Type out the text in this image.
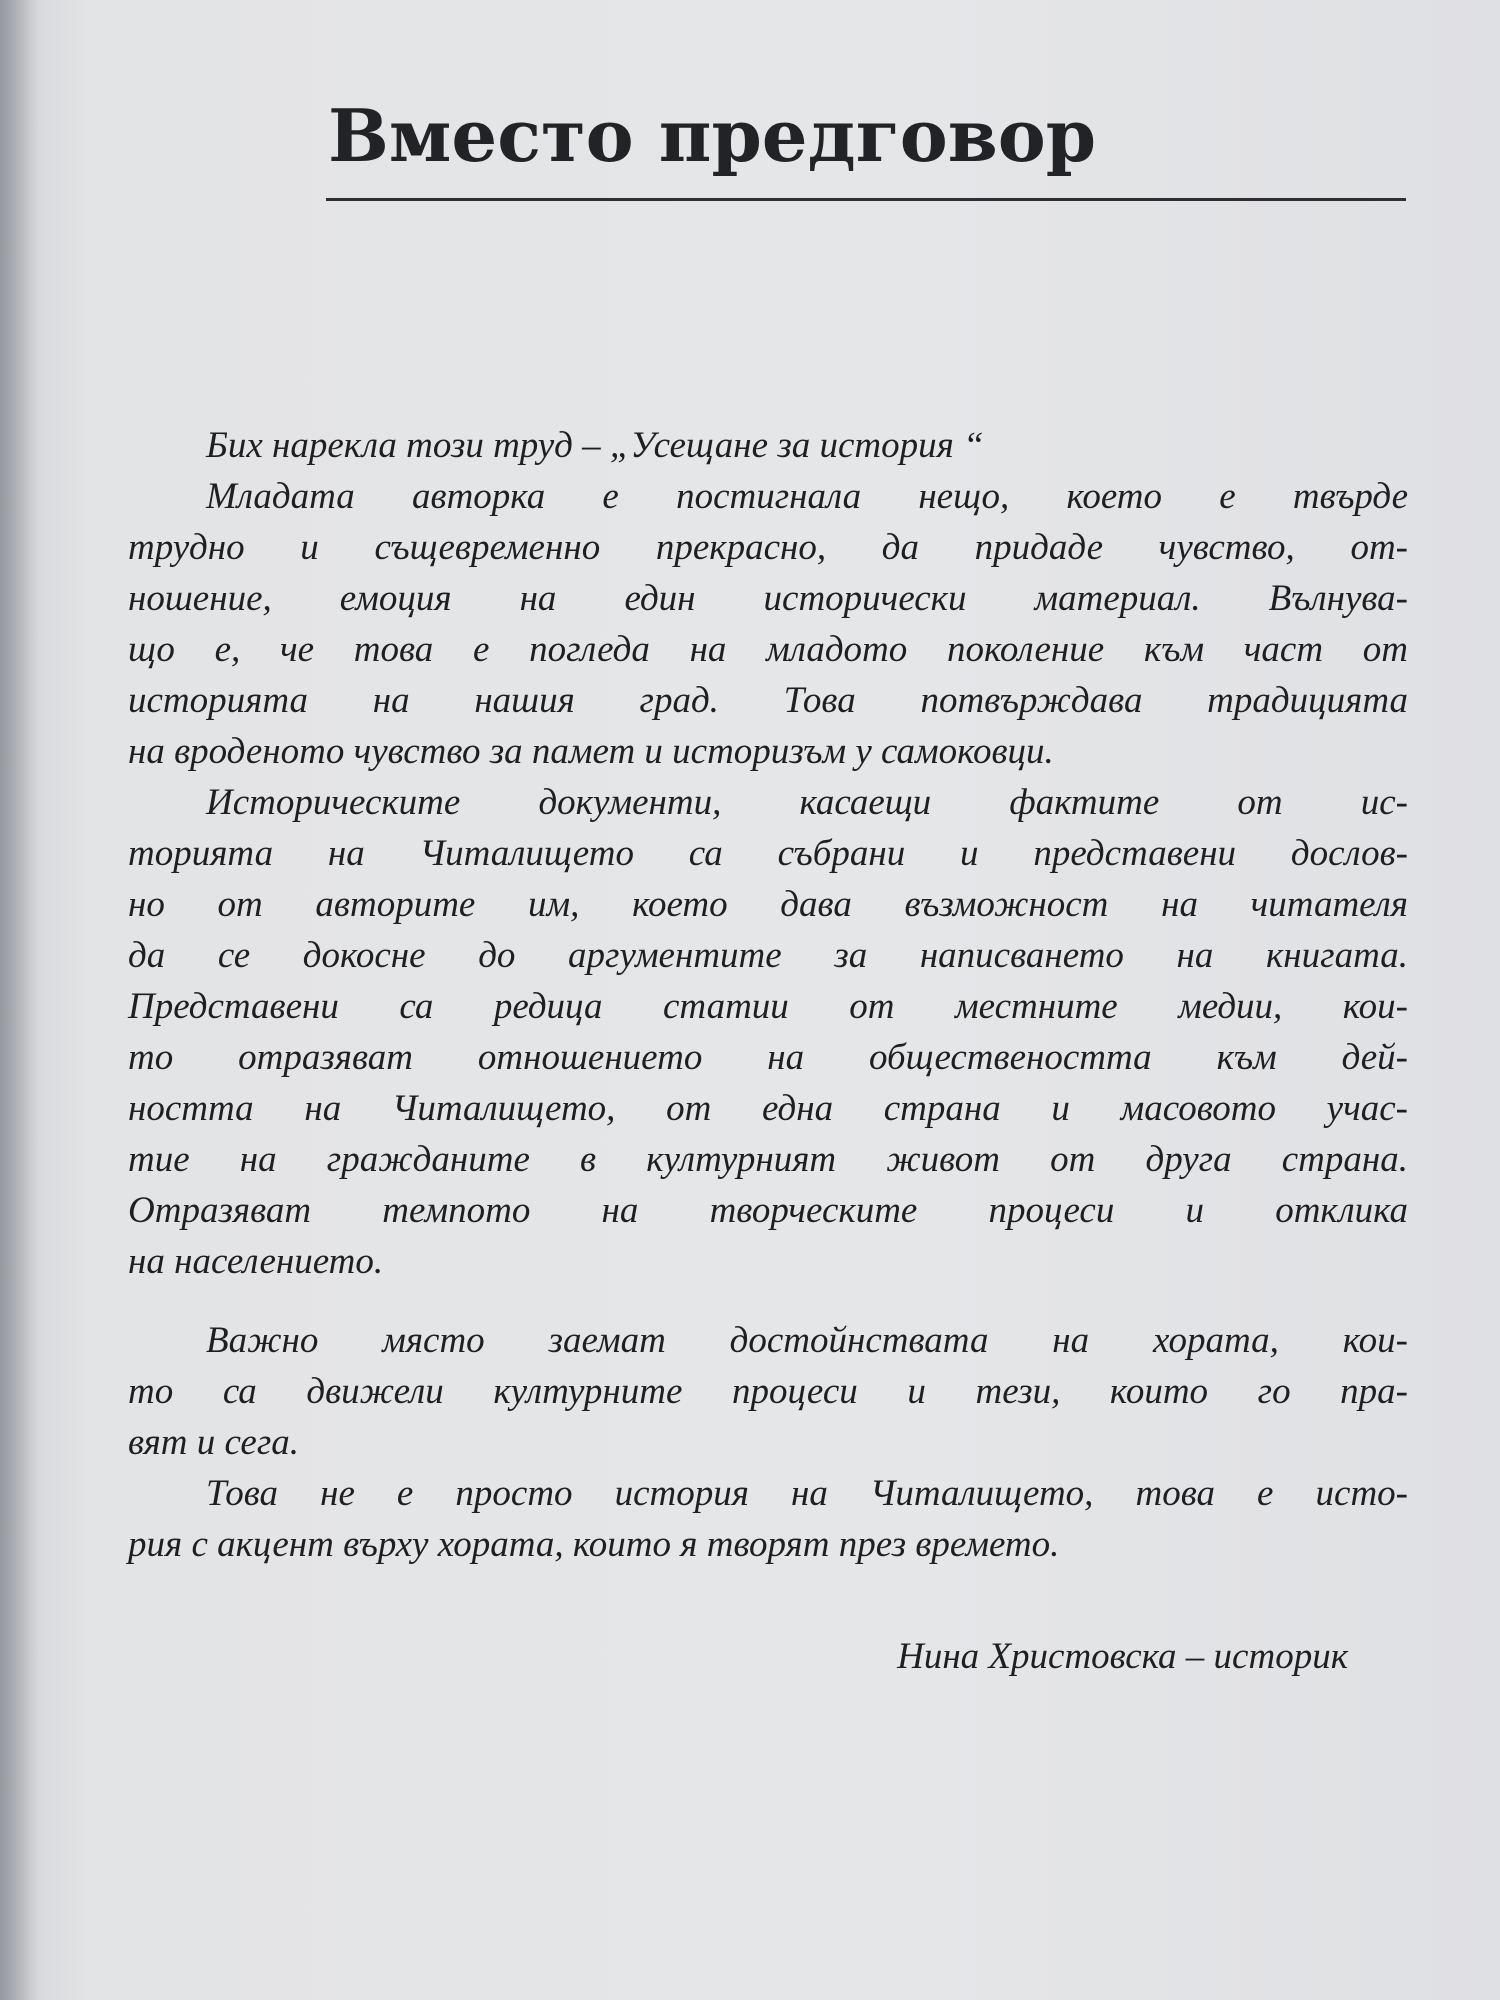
Вместо предговор
Бих нарекла този труд – „Усещане за история “
Младата авторка е постигнала нещо, което е твърде
трудно и същевременно прекрасно, да придаде чувство, от-
ношение, емоция на един исторически материал. Вълнува-
що е, че това е погледа на младото поколение към част от
историята на нашия град. Това потвърждава традицията
на вроденото чувство за памет и историзъм у самоковци.
Историческите документи, касаещи фактите от ис-
торията на Читалището са събрани и представени дослов-
но от авторите им, което дава възможност на читателя
да се докосне до аргументите за написването на книгата.
Представени са редица статии от местните медии, кои-
то отразяват отношението на обществеността към дей-
ността на Читалището, от една страна и масовото учас-
тие на гражданите в културният живот от друга страна.
Отразяват темпото на творческите процеси и отклика
на населението.
Важно място заемат достойнствата на хората, кои-
то са движели културните процеси и тези, които го пра-
вят и сега.
Това не е просто история на Читалището, това е исто-
рия с акцент върху хората, които я творят през времето.
Нина Христовска – историк
